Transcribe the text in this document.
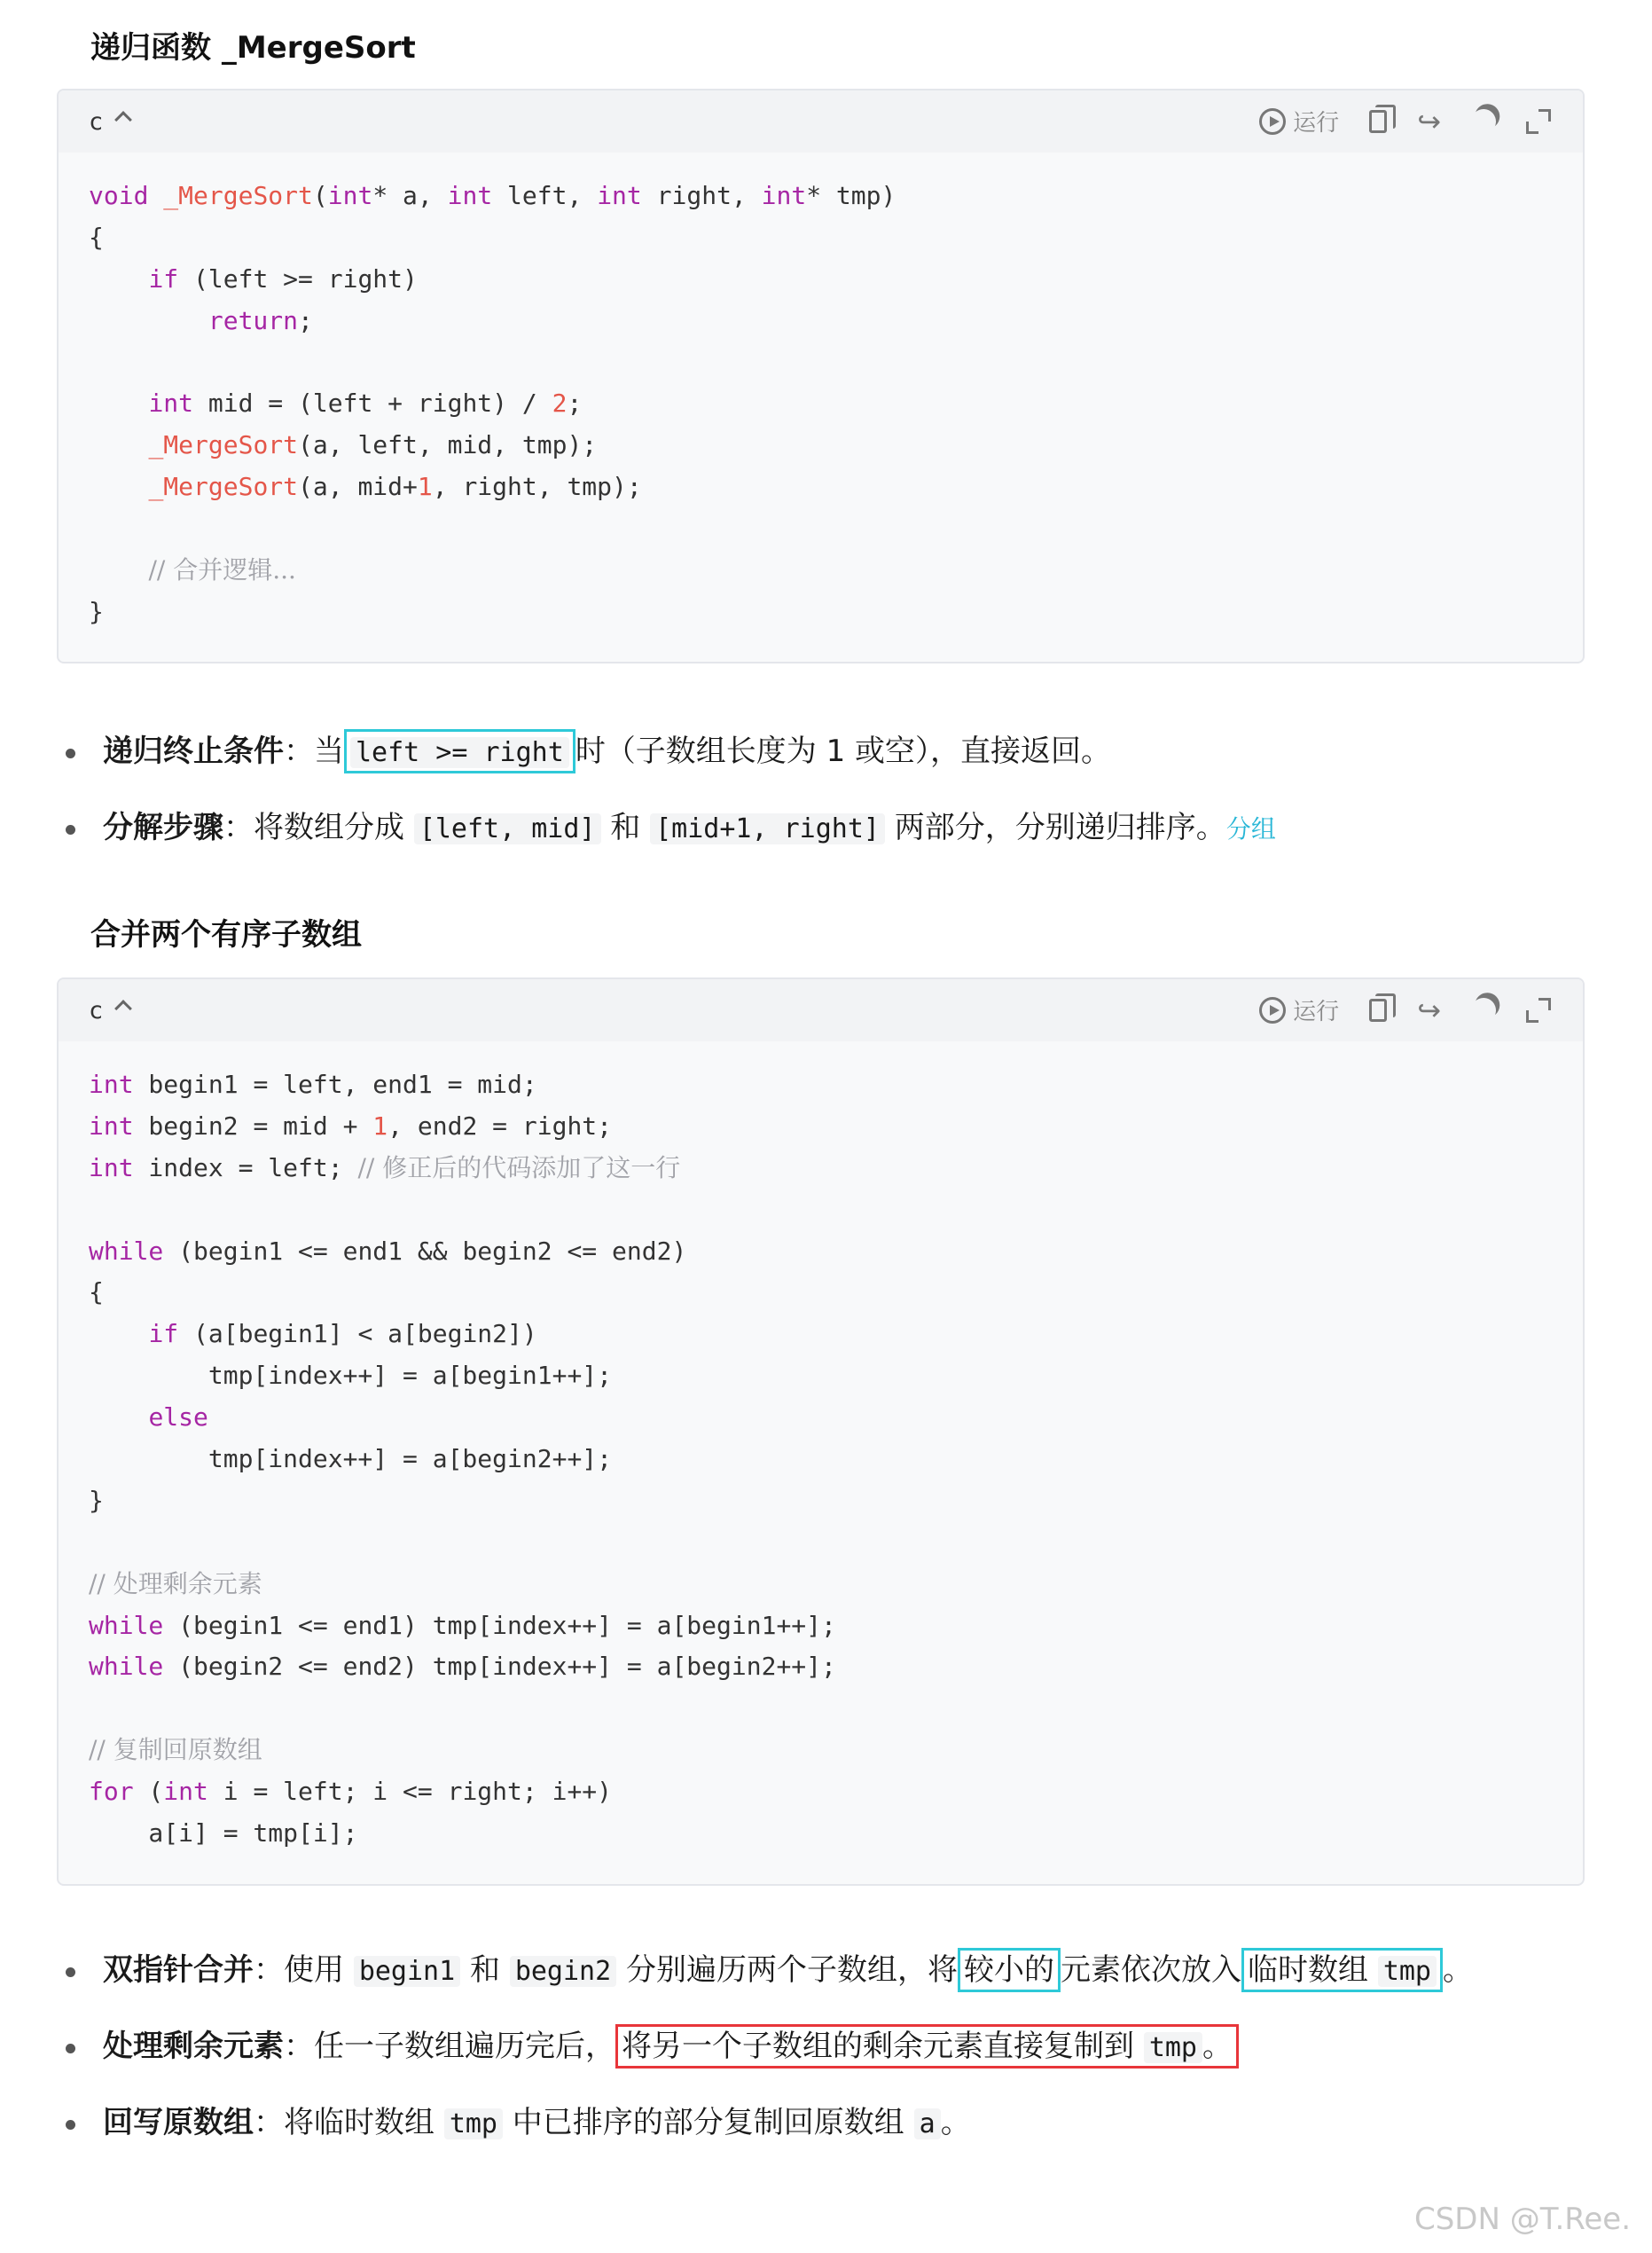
递归函数 _MergeSort
c	运行	↪
void _MergeSort(int* a, int left, int right, int* tmp)
{
if (left >= right)
return;

int mid = (left + right) / 2;
_MergeSort(a, left, mid, tmp);
_MergeSort(a, mid+1, right, tmp);

// 合并逻辑...
}
递归终止条件：当 left >= right 时（子数组长度为 1 或空），直接返回。
分解步骤：将数组分成 [left, mid] 和 [mid+1, right] 两部分，分别递归排序。分组
合并两个有序子数组
c	运行	↪
int begin1 = left, end1 = mid;
int begin2 = mid + 1, end2 = right;
int index = left; // 修正后的代码添加了这一行

while (begin1 <= end1 && begin2 <= end2)
{
if (a[begin1] < a[begin2])
tmp[index++] = a[begin1++];
else
tmp[index++] = a[begin2++];
}

// 处理剩余元素
while (begin1 <= end1) tmp[index++] = a[begin1++];
while (begin2 <= end2) tmp[index++] = a[begin2++];

// 复制回原数组
for (int i = left; i <= right; i++)
a[i] = tmp[i];
双指针合并：使用 begin1 和 begin2 分别遍历两个子数组，将 较小的 元素依次放入 临时数组 tmp 。
处理剩余元素：任一子数组遍历完后， 将另一个子数组的剩余元素直接复制到 tmp 。
回写原数组：将临时数组 tmp 中已排序的部分复制回原数组 a 。
CSDN @T.Ree.
